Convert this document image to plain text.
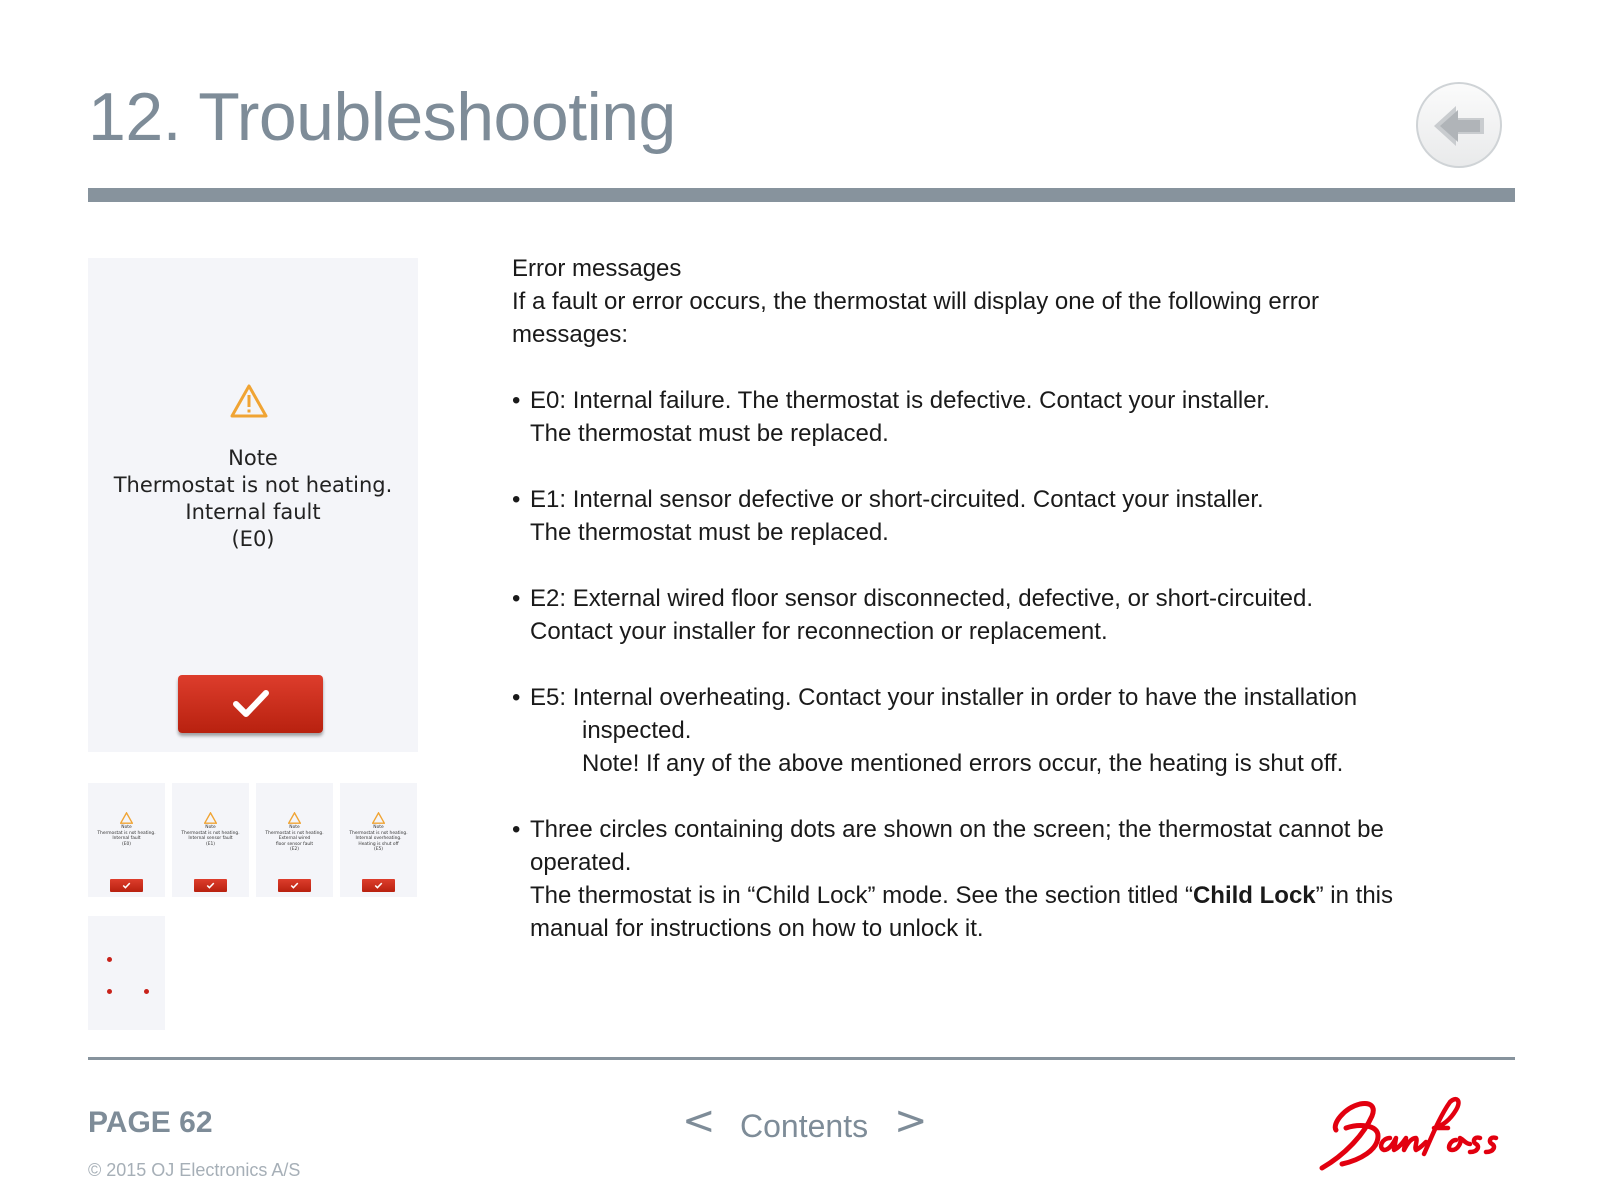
12. Troubleshooting
Note
Thermostat is not heating.
Internal fault
(E0)
Note
Thermostat is not heating.
Internal fault
(E0)
Note
Thermostat is not heating.
Internal sensor fault
(E1)
Note
Thermostat is not heating.
External wired
floor sensor fault
(E2)
Note
Thermostat is not heating.
Internal overheating.
Heating is shut off
(E5)

Error messages

If a fault or error occurs, the thermostat will display one of the following error

messages:

• E0: Internal failure. The thermostat is defective. Contact your installer.

The thermostat must be replaced.

• E1: Internal sensor defective or short-circuited. Contact your installer.

The thermostat must be replaced.

• E2: External wired floor sensor disconnected, defective, or short-circuited.

Contact your installer for reconnection or replacement.

• E5: Internal overheating. Contact your installer in order to have the installation

inspected.

Note! If any of the above mentioned errors occur, the heating is shut off.

• Three circles containing dots are shown on the screen; the thermostat cannot be

operated.

The thermostat is in “Child Lock” mode. See the section titled “Child Lock” in this

manual for instructions on how to unlock it.

PAGE 62
© 2015 OJ Electronics A/S
< Contents >
